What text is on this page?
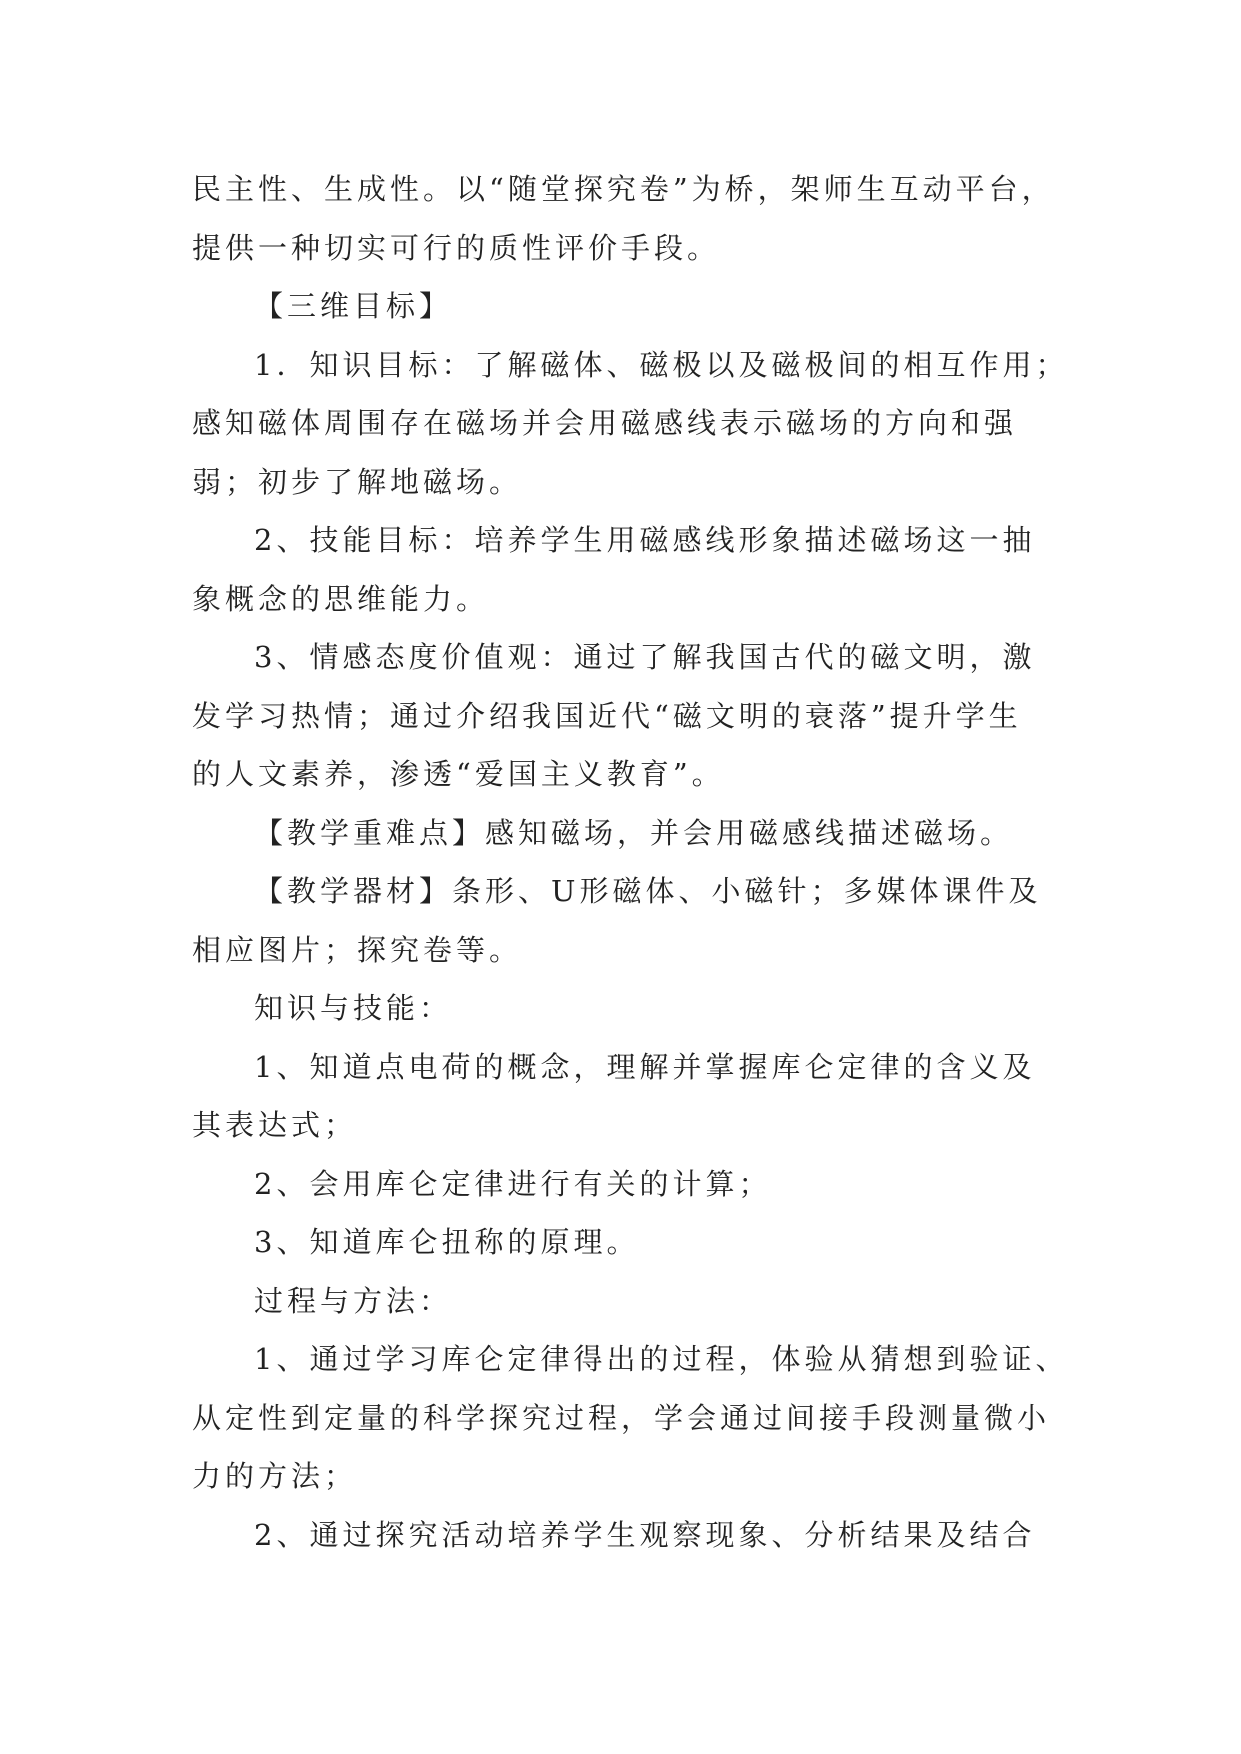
民主性、生成性。以“随堂探究卷”为桥，架师生互动平台，
提供一种切实可行的质性评价手段。
【三维目标】
1．知识目标：了解磁体、磁极以及磁极间的相互作用；
感知磁体周围存在磁场并会用磁感线表示磁场的方向和强
弱；初步了解地磁场。
2、技能目标：培养学生用磁感线形象描述磁场这一抽
象概念的思维能力。
3、情感态度价值观：通过了解我国古代的磁文明，激
发学习热情；通过介绍我国近代“磁文明的衰落”提升学生
的人文素养，渗透“爱国主义教育”。
【教学重难点】感知磁场，并会用磁感线描述磁场。
【教学器材】条形、U形磁体、小磁针；多媒体课件及
相应图片；探究卷等。
知识与技能：
1、知道点电荷的概念，理解并掌握库仑定律的含义及
其表达式；
2、会用库仑定律进行有关的计算；
3、知道库仑扭称的原理。
过程与方法：
1、通过学习库仑定律得出的过程，体验从猜想到验证、
从定性到定量的科学探究过程，学会通过间接手段测量微小
力的方法；
2、通过探究活动培养学生观察现象、分析结果及结合
